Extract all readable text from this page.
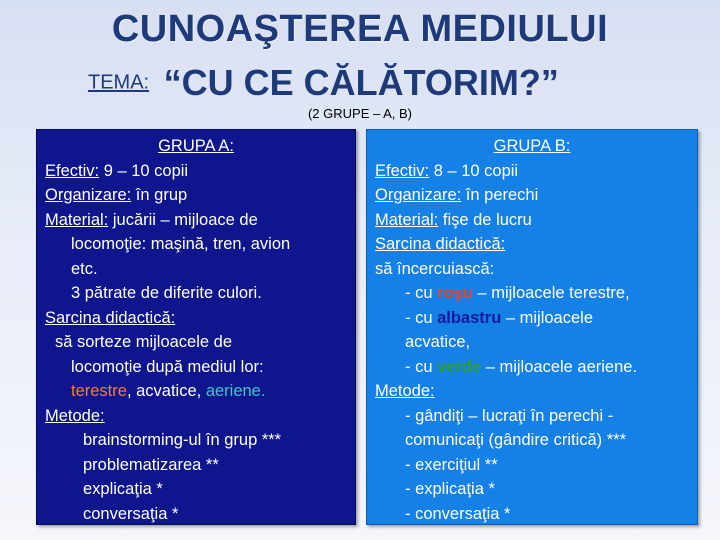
CUNOAŞTEREA MEDIULUI
TEMA: “CU CE CĂLĂTORIM?”
(2 GRUPE – A, B)
GRUPA A:
Efectiv: 9 – 10 copii
Organizare: în grup
Material: jucării – mijloace de
locomoţie: maşină, tren, avion
etc.
3 pătrate de diferite culori.
Sarcina didactică:
să sorteze mijloacele de
locomoţie după mediul lor:
terestre, acvatice, aeriene.
Metode:
brainstorming-ul în grup ***
problematizarea **
explicaţia *
conversaţia *
GRUPA B:
Efectiv: 8 – 10 copii
Organizare: în perechi
Material: fişe de lucru
Sarcina didactică:
să încercuiască:
- cu roşu – mijloacele terestre,
- cu albastru – mijloacele
acvatice,
- cu verde – mijloacele aeriene.
Metode:
- gândiţi – lucraţi în perechi -
comunicaţi (gândire critică) ***
- exerciţiul **
- explicaţia *
- conversaţia *
